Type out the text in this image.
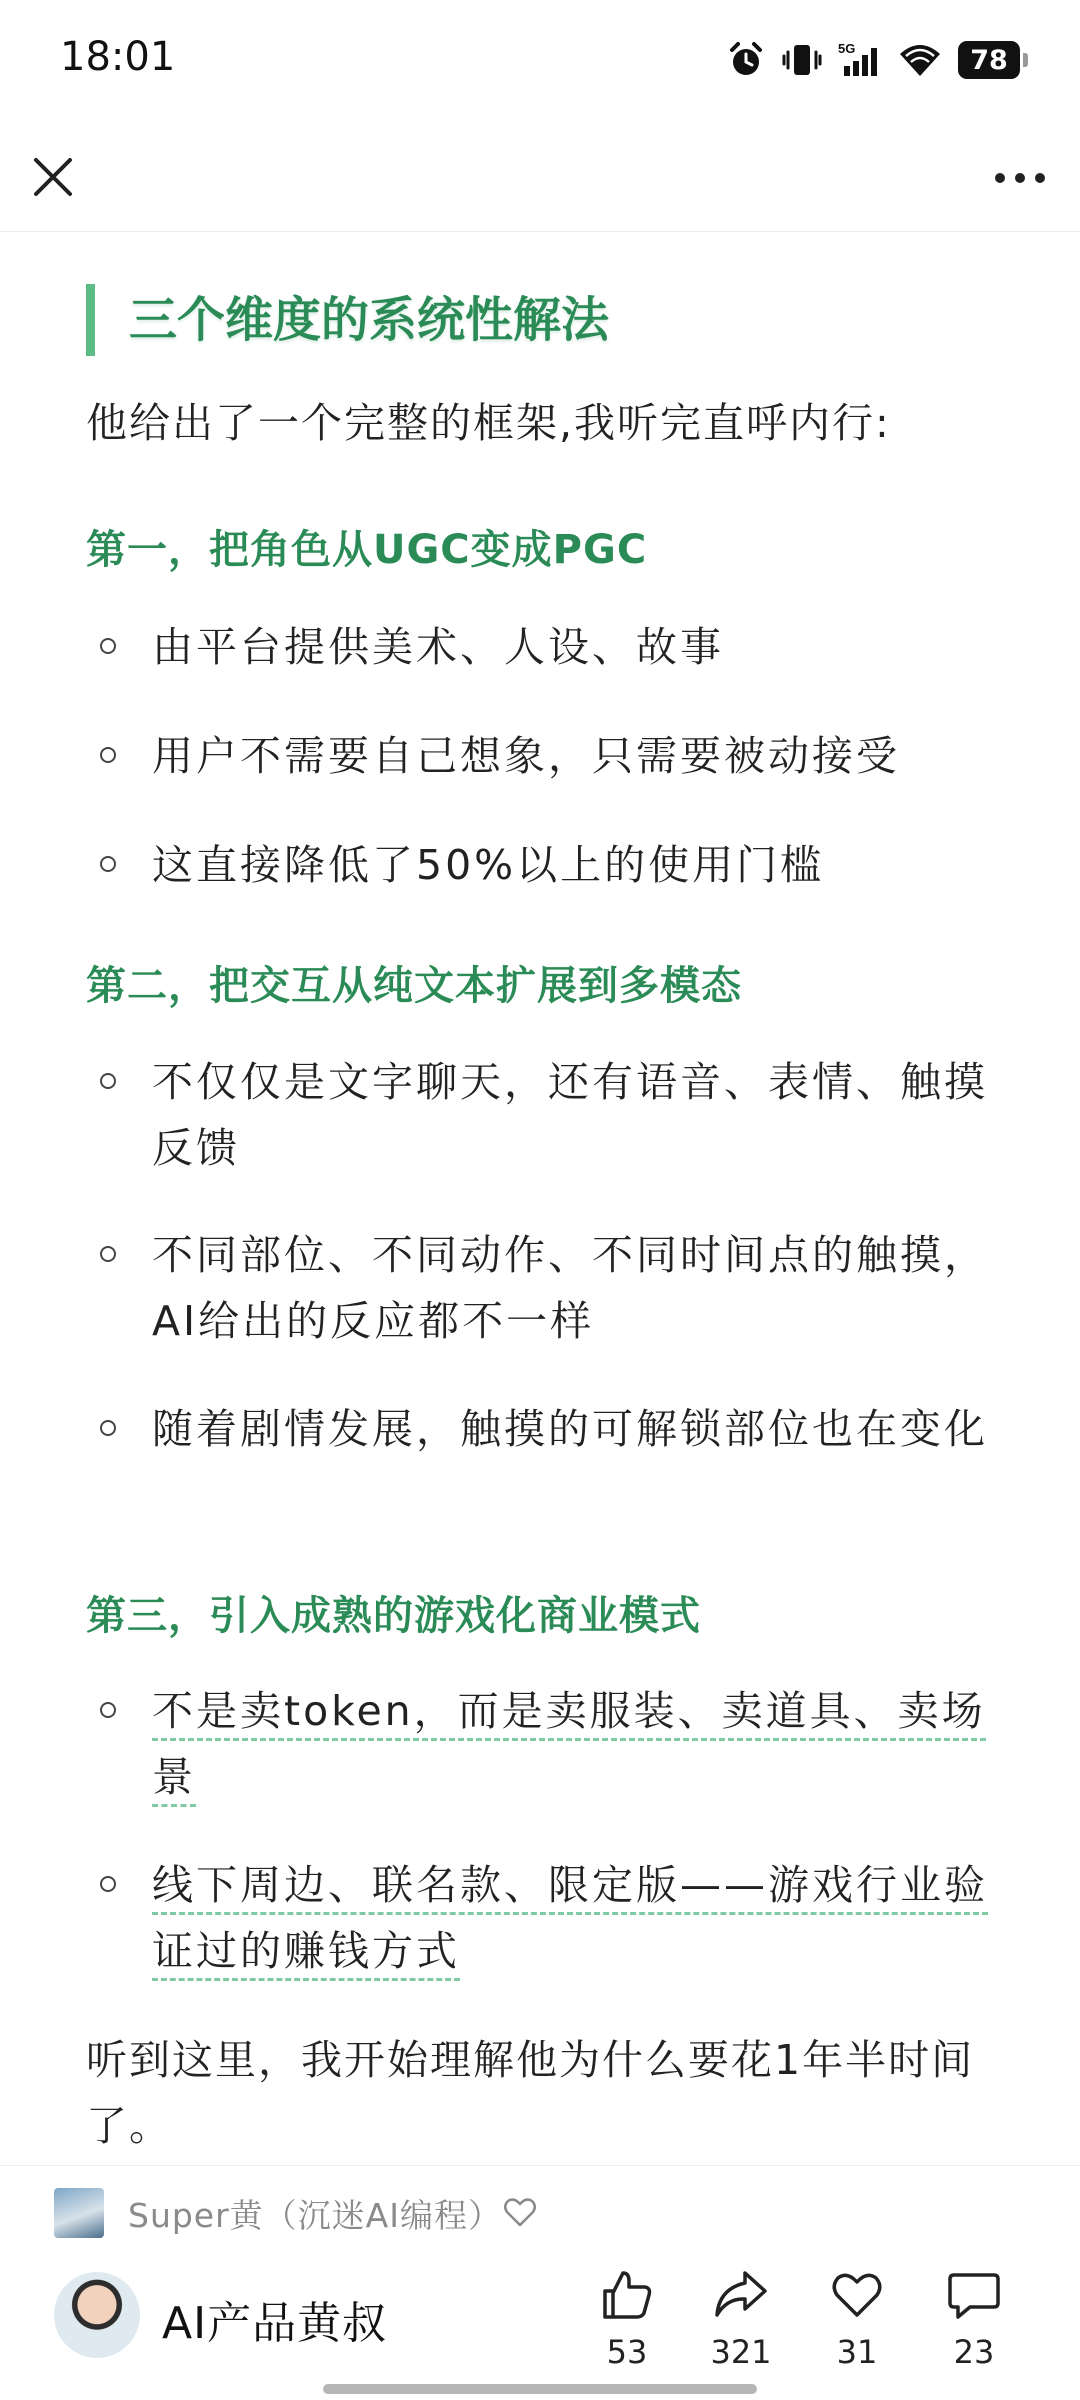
18:01	5G	78
三个维度的系统性解法
他给出了一个完整的框架,我听完直呼内行:
第一，把角色从UGC变成PGC
由平台提供美术、人设、故事
用户不需要自己想象，只需要被动接受
这直接降低了50%以上的使用门槛
第二，把交互从纯文本扩展到多模态
不仅仅是文字聊天，还有语音、表情、触摸反馈
不同部位、不同动作、不同时间点的触摸，AI给出的反应都不一样
随着剧情发展，触摸的可解锁部位也在变化
第三，引入成熟的游戏化商业模式
不是卖token，而是卖服装、卖道具、卖场景
线下周边、联名款、限定版——游戏行业验证过的赚钱方式
听到这里，我开始理解他为什么要花1年半时间了。
Super黄（沉迷AI编程）
AI产品黄叔
53	321	31	23
